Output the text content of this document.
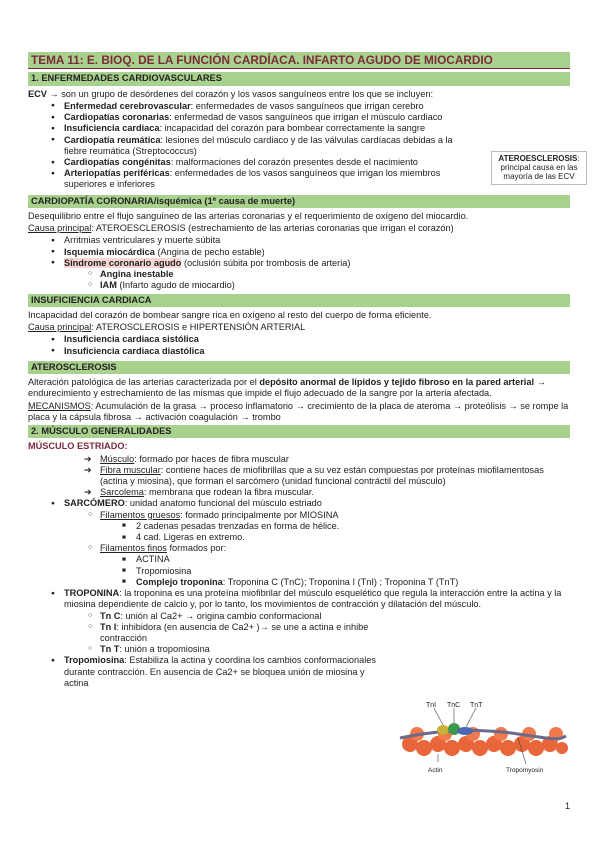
TEMA 11: E. BIOQ. DE LA FUNCIÓN CARDÍACA. INFARTO AGUDO DE MIOCARDIO
1. ENFERMEDADES CARDIOVASCULARES

ECV → son un grupo de desórdenes del corazón y los vasos sanguíneos entre los que se incluyen:

● Enfermedad cerebrovascular: enfermedades de vasos sanguíneos que irrigan cerebro
● Cardiopatías coronarias: enfermedad de vasos sanguíneos que irrigan el músculo cardiaco
● Insuficiencia cardiaca: incapacidad del corazón para bombear correctamente la sangre
● Cardiopatía reumática: lesiones del músculo cardiaco y de las válvulas cardíacas debidas a la fiebre reumática (Streptococcus)
● Cardiopatías congénitas: malformaciones del corazón presentes desde el nacimiento
● Arteriopatías periféricas: enfermedades de los vasos sanguíneos que irrigan los miembros superiores e inferiores
CARDIOPATÍA CORONARIA/isquémica (1ª causa de muerte)

Desequilibrio entre el flujo sanguíneo de las arterias coronarias y el requerimiento de oxígeno del miocardio.

Causa principal: ATEROESCLEROSIS (estrechamiento de las arterias coronarias que irrigan el corazón)

● Arritmias ventriculares y muerte súbita
● Isquemia miocárdica (Angina de pecho estable)
● Síndrome coronario agudo (oclusión súbita por trombosis de arteria)
○ Angina inestable
○ IAM (Infarto agudo de miocardio)
INSUFICIENCIA CARDIACA

Incapacidad del corazón de bombear sangre rica en oxígeno al resto del cuerpo de forma eficiente.

Causa principal: ATEROSCLEROSIS e HIPERTENSIÓN ARTERIAL

● Insuficiencia cardiaca sistólica
● Insuficiencia cardiaca diastólica
ATEROSCLEROSIS

Alteración patológica de las arterias caracterizada por el depósito anormal de lípidos y tejido fibroso en la pared arterial → endurecimiento y estrechamiento de las mismas que impide el flujo adecuado de la sangre por la arteria afectada.

MECANISMOS: Acumulación de la grasa → proceso inflamatorio → crecimiento de la placa de ateroma → proteólisis → se rompe la placa y la cápsula fibrosa → activación coagulación → trombo

2. MÚSCULO GENERALIDADES

MÚSCULO ESTRIADO:

➔ Músculo: formado por haces de fibra muscular
➔ Fibra muscular: contiene haces de miofibrillas que a su vez están compuestas por proteínas miofilamentosas (actina y miosina), que forman el sarcómero (unidad funcional contráctil del músculo)
➔ Sarcolema: membrana que rodean la fibra muscular.
● SARCÓMERO: unidad anatomo funcional del músculo estriado
○ Filamentos gruesos: formado principalmente por MIOSINA
■ 2 cadenas pesadas trenzadas en forma de hélice.
■ 4 cad. Ligeras en extremo.
○ Filamentos finos formados por:
■ ACTINA
■ Tropomiosina
■ Complejo troponina: Troponina C (TnC); Troponina I (TnI) ; Troponina T (TnT)
● TROPONINA: la troponina es una proteína miofibrilar del músculo esquelético que regula la interacción entre la actina y la miosina dependiente de calcio y, por lo tanto, los movimientos de contracción y dilatación del músculo.
○ Tn C: unión al Ca2+ → origina cambio conformacional
○ Tn I: inhibidora (en ausencia de Ca2+ )→ se une a actina e inhibe contracción
○ Tn T: unión a tropomiosina
● Tropomiosina: Estabiliza la actina y coordina los cambios conformacionales durante contracción. En ausencia de Ca2+ se bloquea unión de miosina y actina
ATEROESCLEROSIS: principal causa en las mayoría de las ECV
TnI TnC TnT
Actin	Tropomyosin
1
